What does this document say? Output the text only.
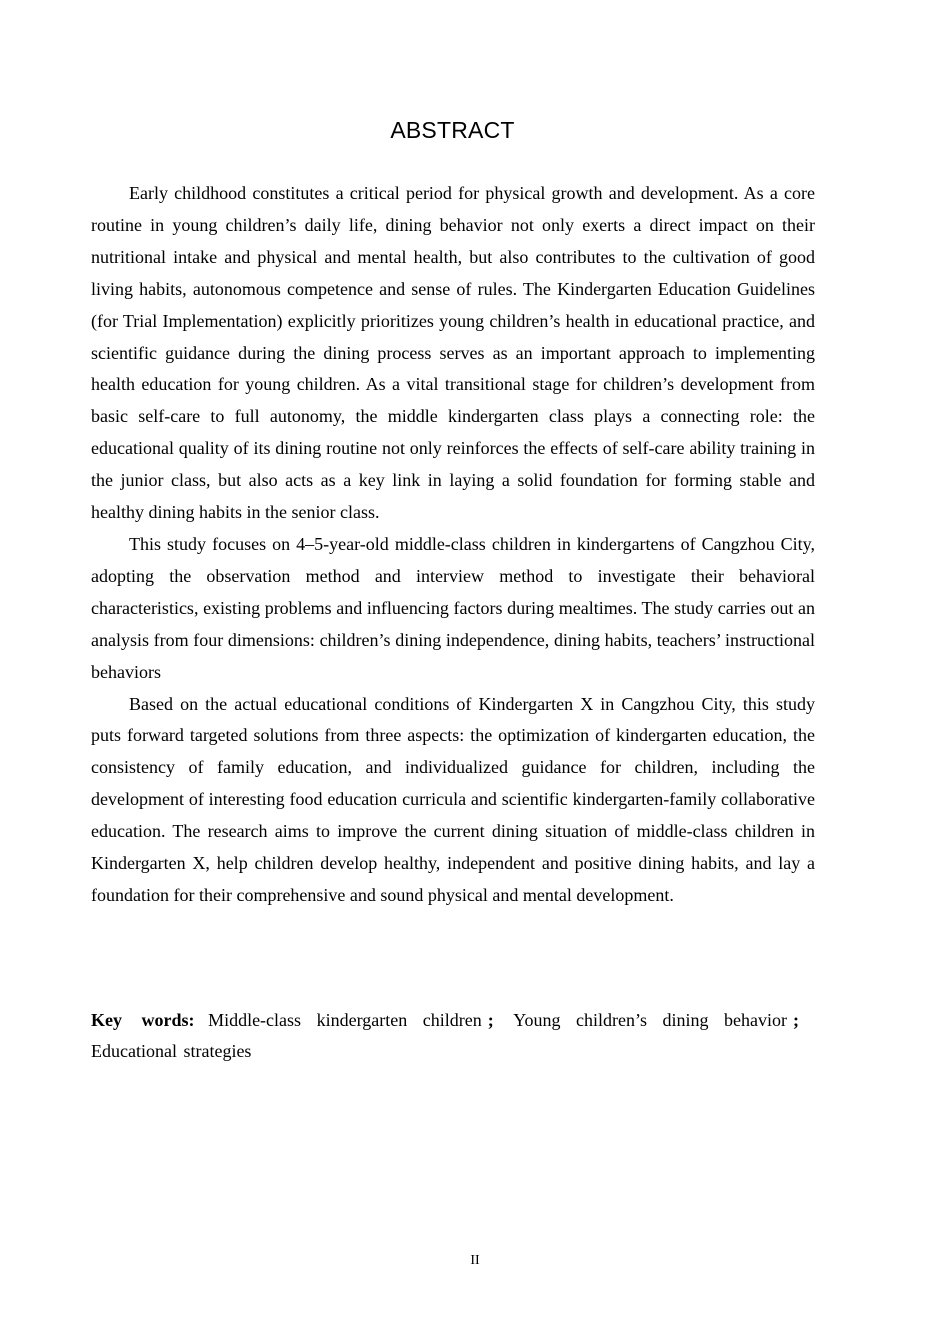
ABSTRACT

Early childhood constitutes a critical period for physical growth and development. As a core routine in young children’s daily life, dining behavior not only exerts a direct impact on their nutritional intake and physical and mental health, but also contributes to the cultivation of good living habits, autonomous competence and sense of rules. The Kindergarten Education Guidelines (for Trial Implementation) explicitly prioritizes young children’s health in educational practice, and scientific guidance during the dining process serves as an important approach to implementing health education for young children. As a vital transitional stage for children’s development from basic self-care to full autonomy, the middle kindergarten class plays a connecting role: the educational quality of its dining routine not only reinforces the effects of self-care ability training in the junior class, but also acts as a key link in laying a solid foundation for forming stable and healthy dining habits in the senior class.

This study focuses on 4–5-year-old middle-class children in kindergartens of Cangzhou City, adopting the observation method and interview method to investigate their behavioral characteristics, existing problems and influencing factors during mealtimes. The study carries out an analysis from four dimensions: children’s dining independence, dining habits, teachers’ instructional behaviors

Based on the actual educational conditions of Kindergarten X in Cangzhou City, this study puts forward targeted solutions from three aspects: the optimization of kindergarten education, the consistency of family education, and individualized guidance for children, including the development of interesting food education curricula and scientific kindergarten-family collaborative education. The research aims to improve the current dining situation of middle-class children in Kindergarten X, help children develop healthy, independent and positive dining habits, and lay a foundation for their comprehensive and sound physical and mental development.

Key words: Middle-class kindergarten children ; Young children’s dining behavior ; Educational strategies
II
